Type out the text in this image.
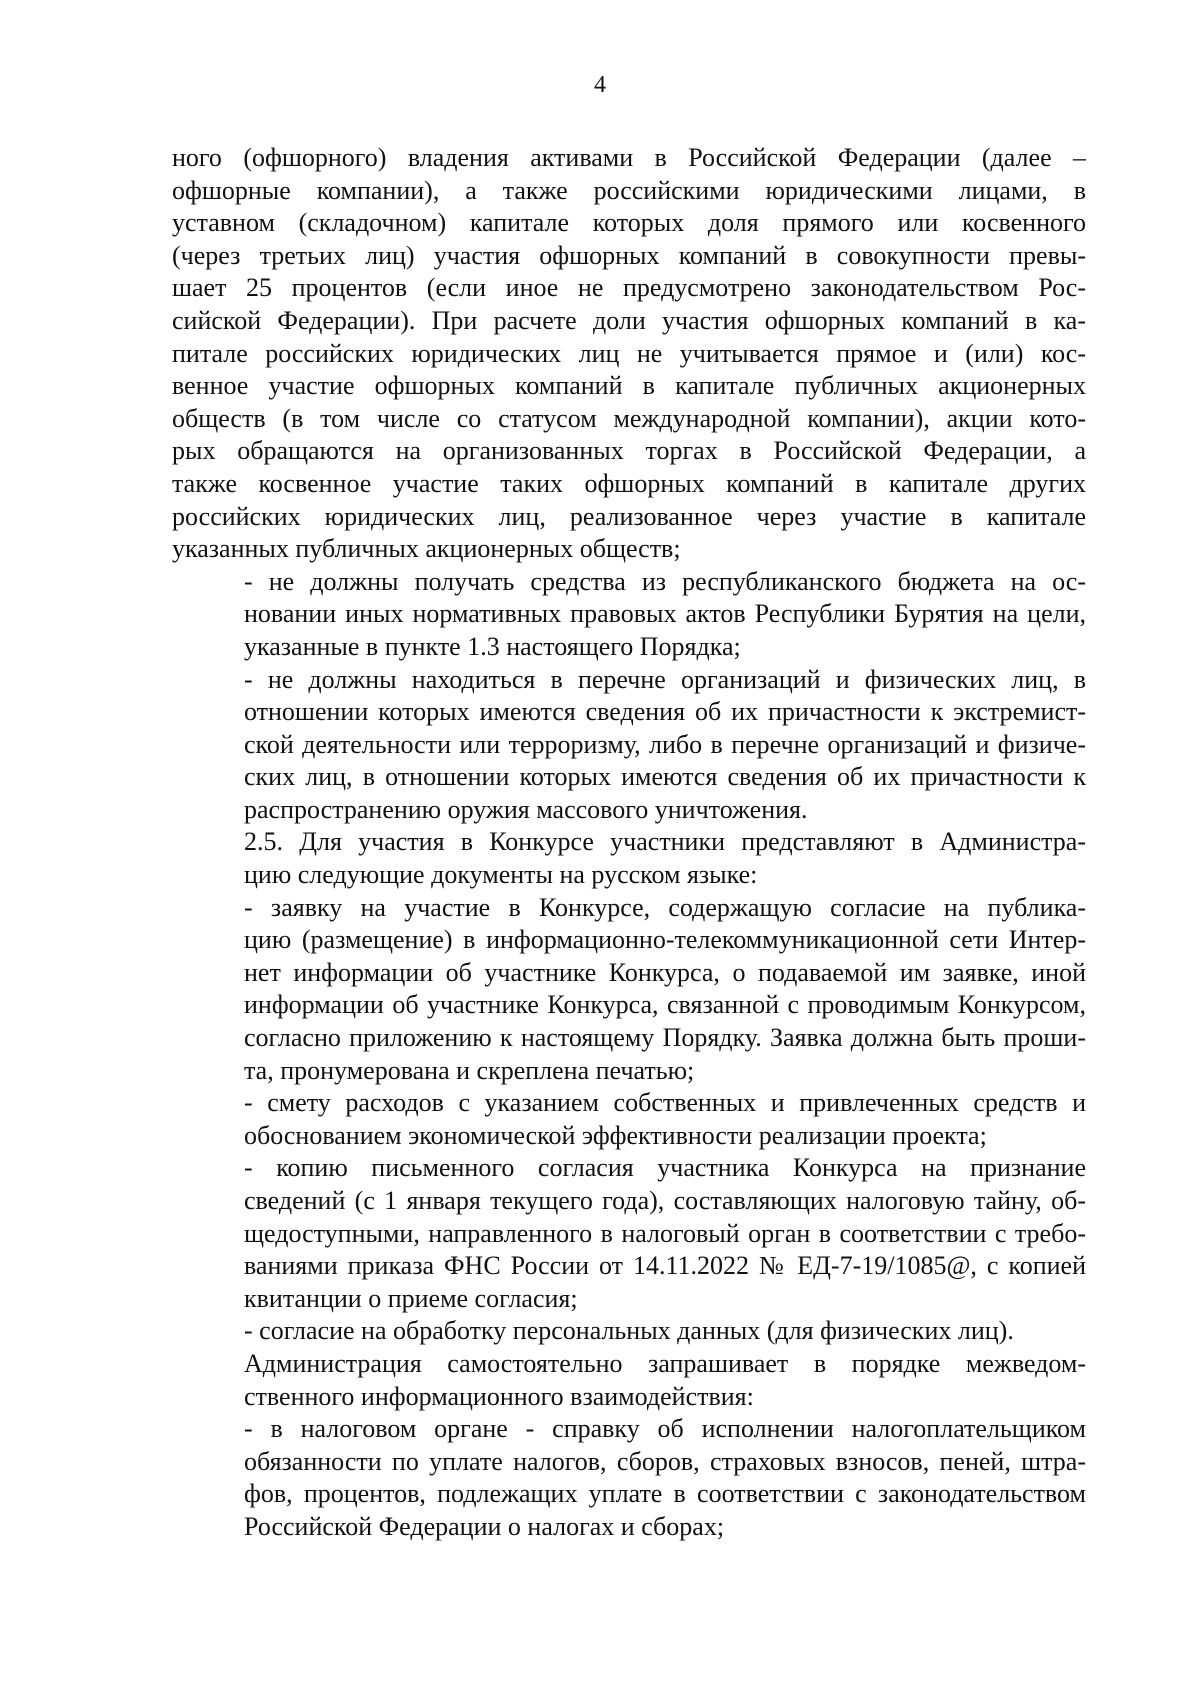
4

ного (офшорного) владения активами в Российской Федерации (далее –
офшорные компании), а также российскими юридическими лицами, в
уставном (складочном) капитале которых доля прямого или косвенного
(через третьих лиц) участия офшорных компаний в совокупности превы-
шает 25 процентов (если иное не предусмотрено законодательством Рос-
сийской Федерации). При расчете доли участия офшорных компаний в ка-
питале российских юридических лиц не учитывается прямое и (или) кос-
венное участие офшорных компаний в капитале публичных акционерных
обществ (в том числе со статусом международной компании), акции кото-
рых обращаются на организованных торгах в Российской Федерации, а
также косвенное участие таких офшорных компаний в капитале других
российских юридических лиц, реализованное через участие в капитале
указанных публичных акционерных обществ;

- не должны получать средства из республиканского бюджета на ос-
новании иных нормативных правовых актов Республики Бурятия на цели,
указанные в пункте 1.3 настоящего Порядка;

- не должны находиться в перечне организаций и физических лиц, в
отношении которых имеются сведения об их причастности к экстремист-
ской деятельности или терроризму, либо в перечне организаций и физиче-
ских лиц, в отношении которых имеются сведения об их причастности к
распространению оружия массового уничтожения.

2.5. Для участия в Конкурсе участники представляют в Администра-
цию следующие документы на русском языке:

- заявку на участие в Конкурсе, содержащую согласие на публика-
цию (размещение) в информационно-телекоммуникационной сети Интер-
нет информации об участнике Конкурса, о подаваемой им заявке, иной
информации об участнике Конкурса, связанной с проводимым Конкурсом,
согласно приложению к настоящему Порядку. Заявка должна быть проши-
та, пронумерована и скреплена печатью;

- смету расходов с указанием собственных и привлеченных средств и
обоснованием экономической эффективности реализации проекта;

- копию письменного согласия участника Конкурса на признание
сведений (с 1 января текущего года), составляющих налоговую тайну, об-
щедоступными, направленного в налоговый орган в соответствии с требо-
ваниями приказа ФНС России от 14.11.2022 № ЕД-7-19/1085@, с копией
квитанции о приеме согласия;

- согласие на обработку персональных данных (для физических лиц).

Администрация самостоятельно запрашивает в порядке межведом-
ственного информационного взаимодействия:

- в налоговом органе - справку об исполнении налогоплательщиком
обязанности по уплате налогов, сборов, страховых взносов, пеней, штра-
фов, процентов, подлежащих уплате в соответствии с законодательством
Российской Федерации о налогах и сборах;
